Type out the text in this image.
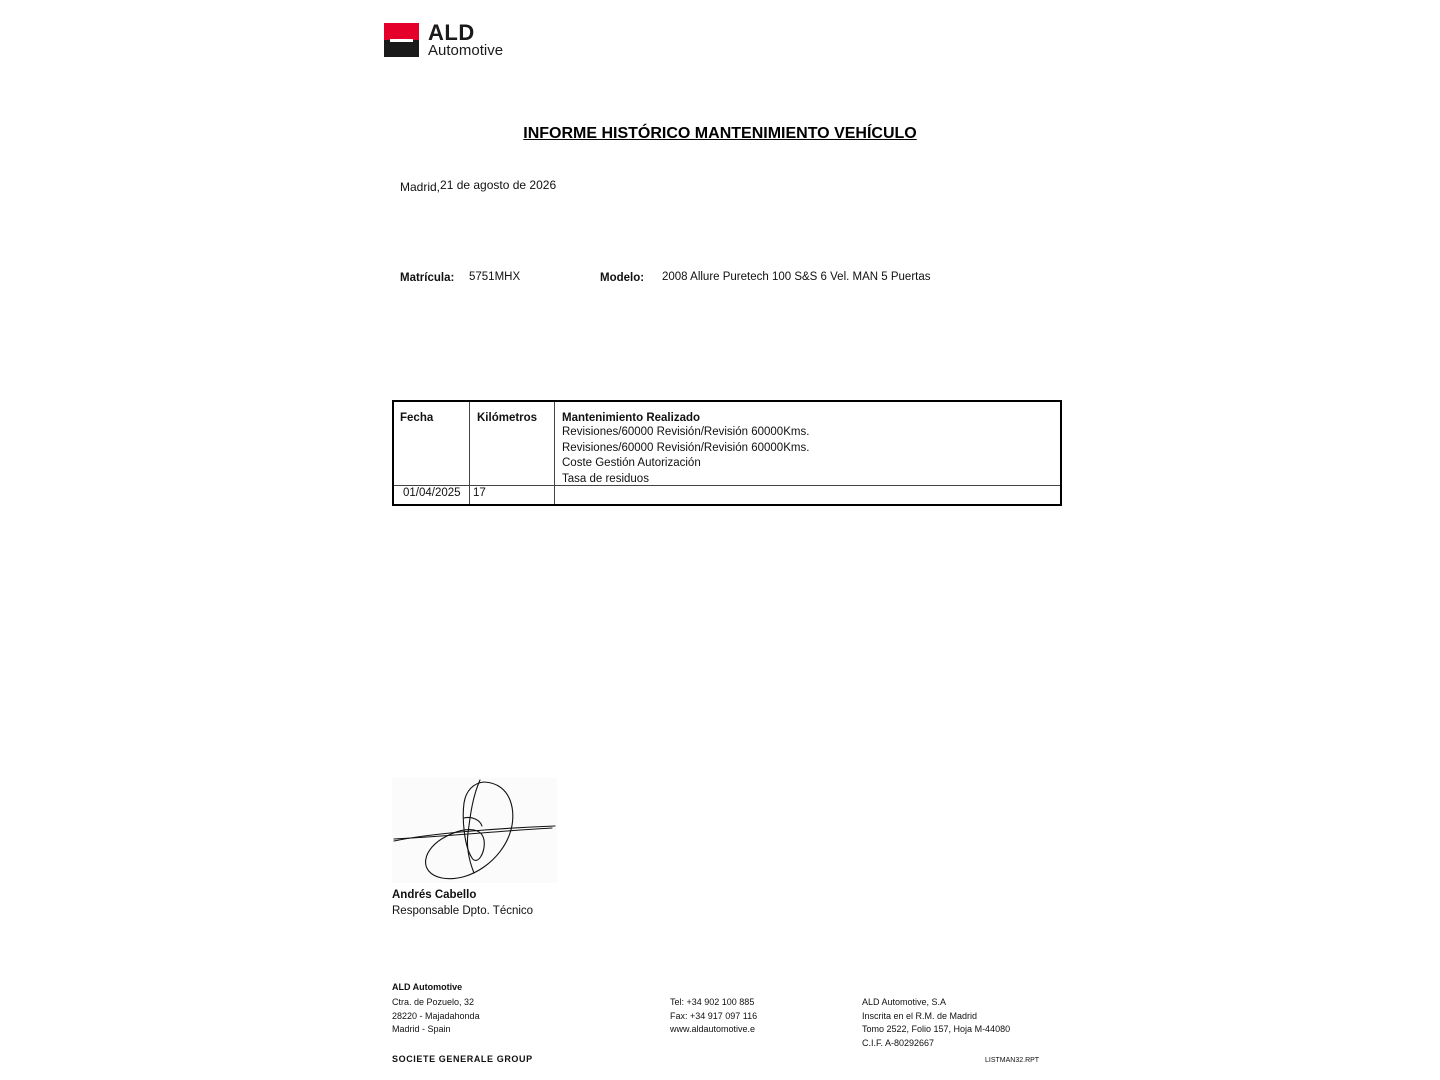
ALD
Automotive
INFORME HISTÓRICO MANTENIMIENTO VEHÍCULO
Madrid,21 de agosto de 2026
Matrícula: 5751MHX	Modelo: 2008 Allure Puretech 100 S&S 6 Vel. MAN 5 Puertas
Fecha	Kilómetros Mantenimiento Realizado
Revisiones/60000 Revisión/Revisión 60000Kms.
Revisiones/60000 Revisión/Revisión 60000Kms.
Coste Gestión Autorización
Tasa de residuos
01/04/2025 17
Andrés Cabello
Responsable Dpto. Técnico
ALD Automotive
Ctra. de Pozuelo, 32
28220 - Majadahonda
Madrid - Spain
Tel: +34 902 100 885
Fax: +34 917 097 116
www.aldautomotive.e
ALD Automotive, S.A
Inscrita en el R.M. de Madrid
Tomo 2522, Folio 157, Hoja M-44080
C.I.F. A-80292667
SOCIETE GENERALE GROUP	LISTMAN32.RPT
